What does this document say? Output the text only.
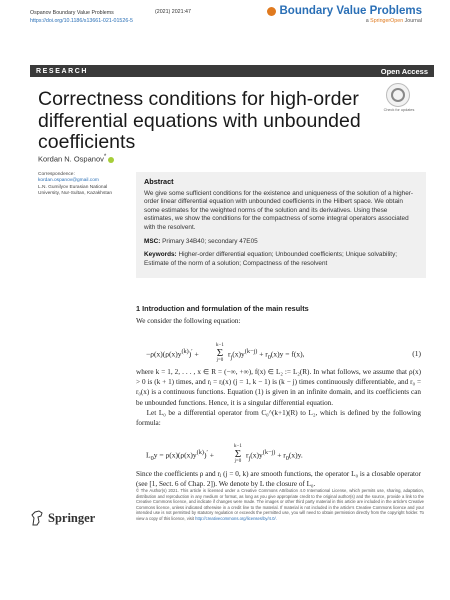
Ospanov Boundary Value Problems
https://doi.org/10.1186/s13661-021-01526-5
(2021) 2021:47	Boundary Value Problems
a SpringerOpen Journal
RESEARCH	Open Access
Correctness conditions for high-order differential equations with unbounded coefficients
Check for updates
Kordan N. Ospanov*
Correspondence:
kordan.ospanov@gmail.com
L.N. Gumilyov Eurasian National University, Nur-Sultan, Kazakhstan
Abstract
We give some sufficient conditions for the existence and uniqueness of the solution of a higher-order linear differential equation with unbounded coefficients in the Hilbert space. We obtain some estimates for the weighted norms of the solution and its derivatives. Using these estimates, we show the conditions for the compactness of some integral operators associated with the resolvent.
MSC: Primary 34B40; secondary 47E05
Keywords: Higher-order differential equation; Unbounded coefficients; Unique solvability; Estimate of the norm of a solution; Compactness of the resolvent
1 Introduction and formulation of the main results
We consider the following equation:
$-\rho(x)(\rho(x)y^{(k)})'$ +
k−1
Σ
j=0
$r_j(x)y^{(k-j)} + r_0(x)y = f(x)$,	(1)
where k = 1, 2, . . . , x ∈ R = (−∞, +∞), f(x) ∈ L₂ := L₂(R). In what follows, we assume that ρ(x) > 0 is (k + 1) times, and rⱼ = rⱼ(x) (j = 1, k − 1) is (k − j) times continuously differentiable, and r₀ = r₀(x) is a continuous functions. Equation (1) is given in an infinite domain, and its coefficients can be unbounded functions. Hence, it is a singular differential equation.
Let L₀ be a differential operator from C₀^(k+1)(R) to L₂, which is defined by the following formula:
$L_0y = \rho(x)(\rho(x)y^{(k)})'$ +
k−1
Σ
j=0
$r_j(x)y^{(k-j)} + r_0(x)y$.
Since the coefficients ρ and rⱼ (j = 0, k) are smooth functions, the operator L₀ is a closable operator (see [1, Sect. 6 of Chap. 2]). We denote by L the closure of L₀.
© The Author(s) 2021. This article is licensed under a Creative Commons Attribution 4.0 International License, which permits use, sharing, adaptation, distribution and reproduction in any medium or format, as long as you give appropriate credit to the original author(s) and the source, provide a link to the Creative Commons licence, and indicate if changes were made. The images or other third party material in this article are included in the article's Creative Commons licence, unless indicated otherwise in a credit line to the material. If material is not included in the article's Creative Commons licence and your intended use is not permitted by statutory regulation or exceeds the permitted use, you will need to obtain permission directly from the copyright holder. To view a copy of this licence, visit http://creativecommons.org/licenses/by/4.0/.
Springer
